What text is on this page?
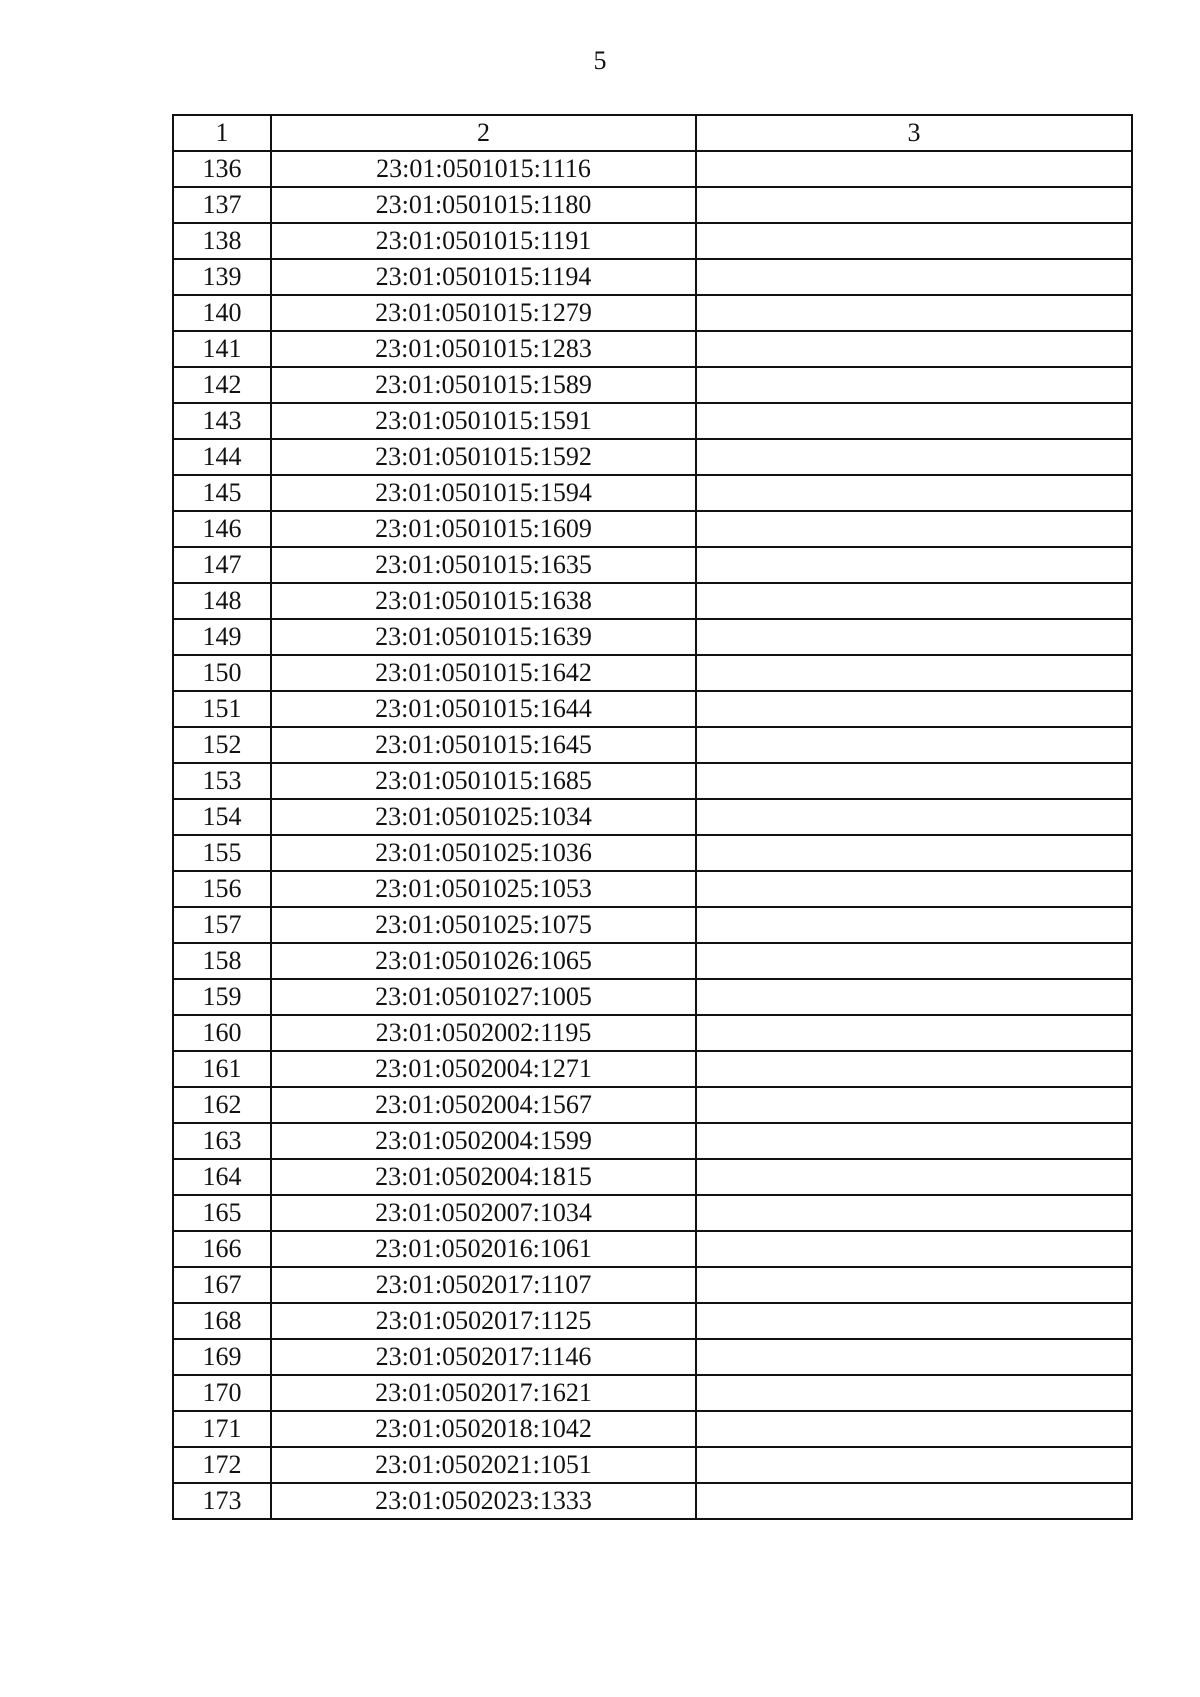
5
1	2	3
136	23:01:0501015:1116	
137	23:01:0501015:1180	
138	23:01:0501015:1191	
139	23:01:0501015:1194	
140	23:01:0501015:1279	
141	23:01:0501015:1283	
142	23:01:0501015:1589	
143	23:01:0501015:1591	
144	23:01:0501015:1592	
145	23:01:0501015:1594	
146	23:01:0501015:1609	
147	23:01:0501015:1635	
148	23:01:0501015:1638	
149	23:01:0501015:1639	
150	23:01:0501015:1642	
151	23:01:0501015:1644	
152	23:01:0501015:1645	
153	23:01:0501015:1685	
154	23:01:0501025:1034	
155	23:01:0501025:1036	
156	23:01:0501025:1053	
157	23:01:0501025:1075	
158	23:01:0501026:1065	
159	23:01:0501027:1005	
160	23:01:0502002:1195	
161	23:01:0502004:1271	
162	23:01:0502004:1567	
163	23:01:0502004:1599	
164	23:01:0502004:1815	
165	23:01:0502007:1034	
166	23:01:0502016:1061	
167	23:01:0502017:1107	
168	23:01:0502017:1125	
169	23:01:0502017:1146	
170	23:01:0502017:1621	
171	23:01:0502018:1042	
172	23:01:0502021:1051	
173	23:01:0502023:1333	
